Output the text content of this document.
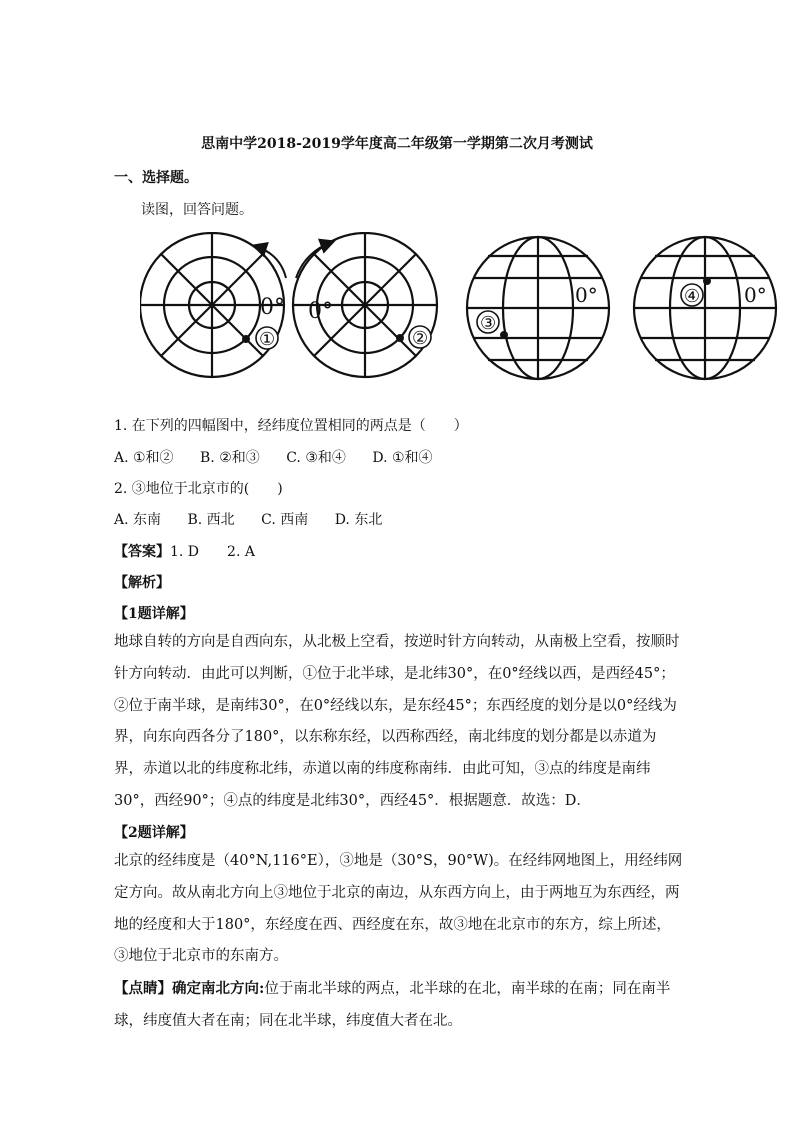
思南中学2018-2019学年度高二年级第一学期第二次月考测试
一、选择题。
读图，回答问题。
0°
①
0°
②
0°
③
0°
④
1. 在下列的四幅图中，经纬度位置相同的两点是（　　）
A. ①和② B. ②和③ C. ③和④ D. ①和④
2. ③地位于北京市的(　　)
A. 东南 B. 西北 C. 西南 D. 东北
【答案】1. D　　2. A
【解析】
【1题详解】
地球自转的方向是自西向东，从北极上空看，按逆时针方向转动，从南极上空看，按顺时针方向转动．由此可以判断，①位于北半球，是北纬30°，在0°经线以西，是西经45°；②位于南半球，是南纬30°，在0°经线以东，是东经45°；东西经度的划分是以0°经线为界，向东向西各分了180°，以东称东经，以西称西经，南北纬度的划分都是以赤道为界，赤道以北的纬度称北纬，赤道以南的纬度称南纬．由此可知，③点的纬度是南纬30°，西经90°；④点的纬度是北纬30°，西经45°．根据题意．故选：D．
【2题详解】
北京的经纬度是（40°N,116°E），③地是（30°S，90°W)。在经纬网地图上，用经纬网定方向。故从南北方向上③地位于北京的南边，从东西方向上，由于两地互为东西经，两地的经度和大于180°，东经度在西、西经度在东，故③地在北京市的东方，综上所述，③地位于北京市的东南方。
【点睛】确定南北方向:位于南北半球的两点，北半球的在北，南半球的在南；同在南半球，纬度值大者在南；同在北半球，纬度值大者在北。
